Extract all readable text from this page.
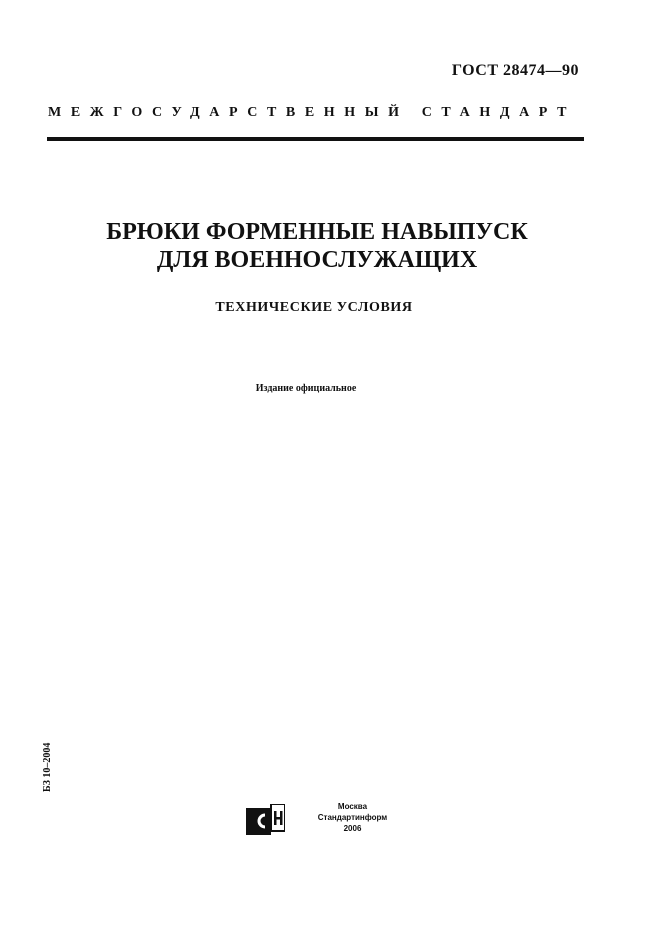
ГОСТ 28474—90
МЕЖГОСУДАРСТВЕННЫЙ СТАНДАРТ
БРЮКИ ФОРМЕННЫЕ НАВЫПУСК
ДЛЯ ВОЕННОСЛУЖАЩИХ
ТЕХНИЧЕСКИЕ УСЛОВИЯ
Издание официальное
БЗ 10–2004
Москва
Стандартинформ
2006
